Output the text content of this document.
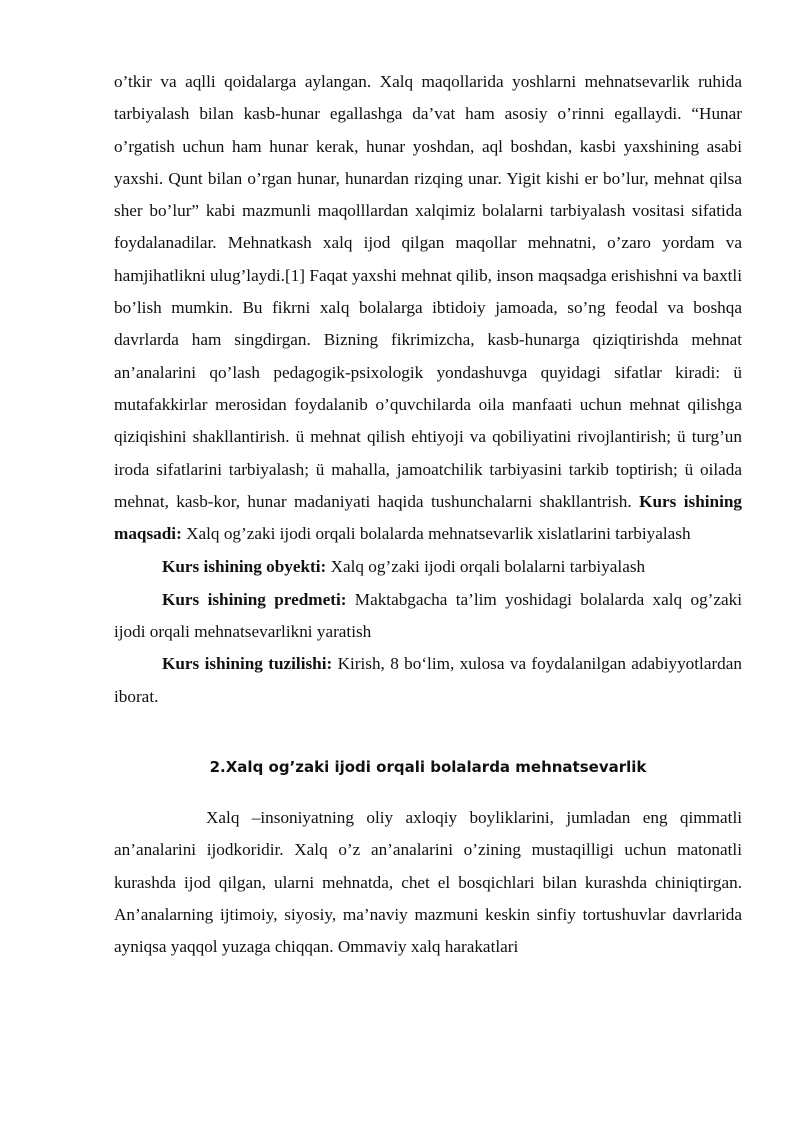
o’tkir va aqlli qoidalarga aylangan. Xalq maqollarida yoshlarni mehnatsevarlik ruhida tarbiyalash bilan kasb-hunar egallashga da’vat ham asosiy o’rinni egallaydi. “Hunar o’rgatish uchun ham hunar kerak, hunar yoshdan, aql boshdan, kasbi yaxshining asabi yaxshi. Qunt bilan o’rgan hunar, hunardan rizqing unar. Yigit kishi er bo’lur, mehnat qilsa sher bo’lur” kabi mazmunli maqolllardan xalqimiz bolalarni tarbiyalash vositasi sifatida foydalanadilar. Mehnatkash xalq ijod qilgan maqollar mehnatni, o’zaro yordam va hamjihatlikni ulug’laydi.[1] Faqat yaxshi mehnat qilib, inson maqsadga erishishni va baxtli bo’lish mumkin. Bu fikrni xalq bolalarga ibtidoiy jamoada, so’ng feodal va boshqa davrlarda ham singdirgan. Bizning fikrimizcha, kasb-hunarga qiziqtirishda mehnat an’analarini qo’lash pedagogik-psixologik yondashuvga quyidagi sifatlar kiradi: ü mutafakkirlar merosidan foydalanib o’quvchilarda oila manfaati uchun mehnat qilishga qiziqishini shakllantirish. ü mehnat qilish ehtiyoji va qobiliyatini rivojlantirish; ü turg’un iroda sifatlarini tarbiyalash; ü mahalla, jamoatchilik tarbiyasini tarkib toptirish; ü oilada mehnat, kasb-kor, hunar madaniyati haqida tushunchalarni shakllantrish. Kurs ishining maqsadi: Xalq og’zaki ijodi orqali bolalarda mehnatsevarlik xislatlarini tarbiyalash

Kurs ishining obyekti: Xalq og’zaki ijodi orqali bolalarni tarbiyalash

Kurs ishining predmeti: Maktabgacha ta’lim yoshidagi bolalarda xalq og’zaki ijodi orqali mehnatsevarlikni yaratish

Kurs ishining tuzilishi: Kirish, 8 bo‘lim, xulosa va foydalanilgan adabiyyotlardan iborat.

2.Xalq og’zaki ijodi orqali bolalarda mehnatsevarlik

Xalq –insoniyatning oliy axloqiy boyliklarini, jumladan eng qimmatli an’analarini ijodkoridir. Xalq o’z an’analarini o’zining mustaqilligi uchun matonatli kurashda ijod qilgan, ularni mehnatda, chet el bosqichlari bilan kurashda chiniqtirgan. An’analarning ijtimoiy, siyosiy, ma’naviy mazmuni keskin sinfiy tortushuvlar davrlarida ayniqsa yaqqol yuzaga chiqqan. Ommaviy xalq harakatlari
